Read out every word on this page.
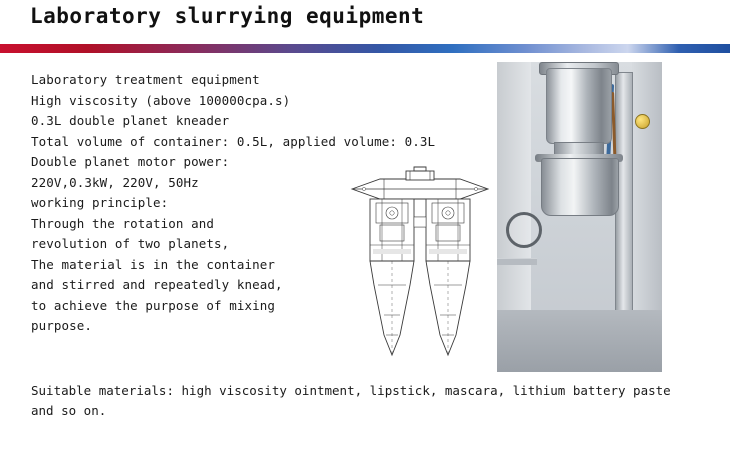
Laboratory slurrying equipment
Laboratory treatment equipment
High viscosity (above 100000cpa.s)
0.3L double planet kneader
Total volume of container: 0.5L, applied volume: 0.3L
Double planet motor power:
220V,0.3kW, 220V, 50Hz
working principle:
Through the rotation and
revolution of two planets,
The material is in the container
and stirred and repeatedly knead,
to achieve the purpose of mixing
purpose.
Suitable materials: high viscosity ointment, lipstick, mascara, lithium battery paste
and so on.
